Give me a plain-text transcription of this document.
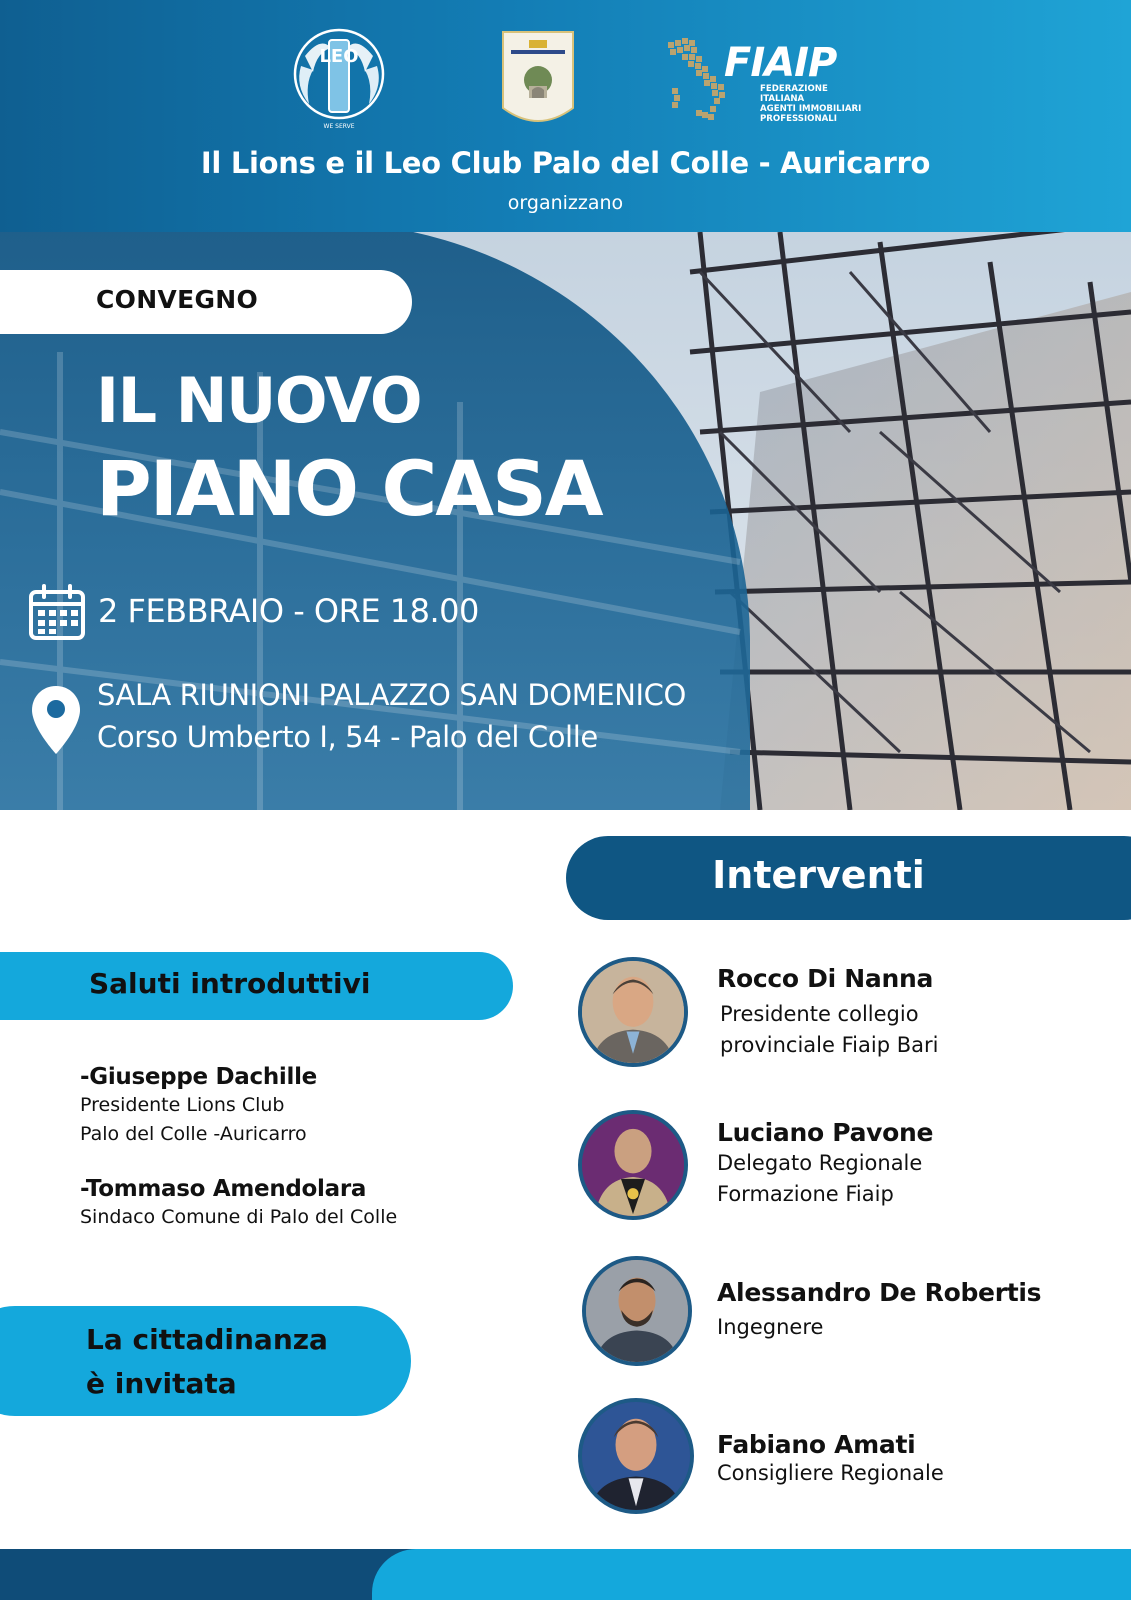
LEO
WE SERVE
FIAIP
FEDERAZIONE ITALIANA
AGENTI IMMOBILIARI
PROFESSIONALI
Il Lions e il Leo Club Palo del Colle - Auricarro
organizzano
CONVEGNO
IL NUOVO
PIANO CASA
2 FEBBRAIO - ORE 18.00
SALA RIUNIONI PALAZZO SAN DOMENICO
Corso Umberto I, 54 - Palo del Colle
Interventi
Rocco Di Nanna
Presidente collegio
provinciale Fiaip Bari
Luciano Pavone
Delegato Regionale
Formazione Fiaip
Alessandro De Robertis
Ingegnere
Fabiano Amati
Consigliere Regionale
Saluti introduttivi
-Giuseppe Dachille
Presidente Lions Club
Palo del Colle -Auricarro
-Tommaso Amendolara
Sindaco Comune di Palo del Colle
La cittadinanza
è invitata
